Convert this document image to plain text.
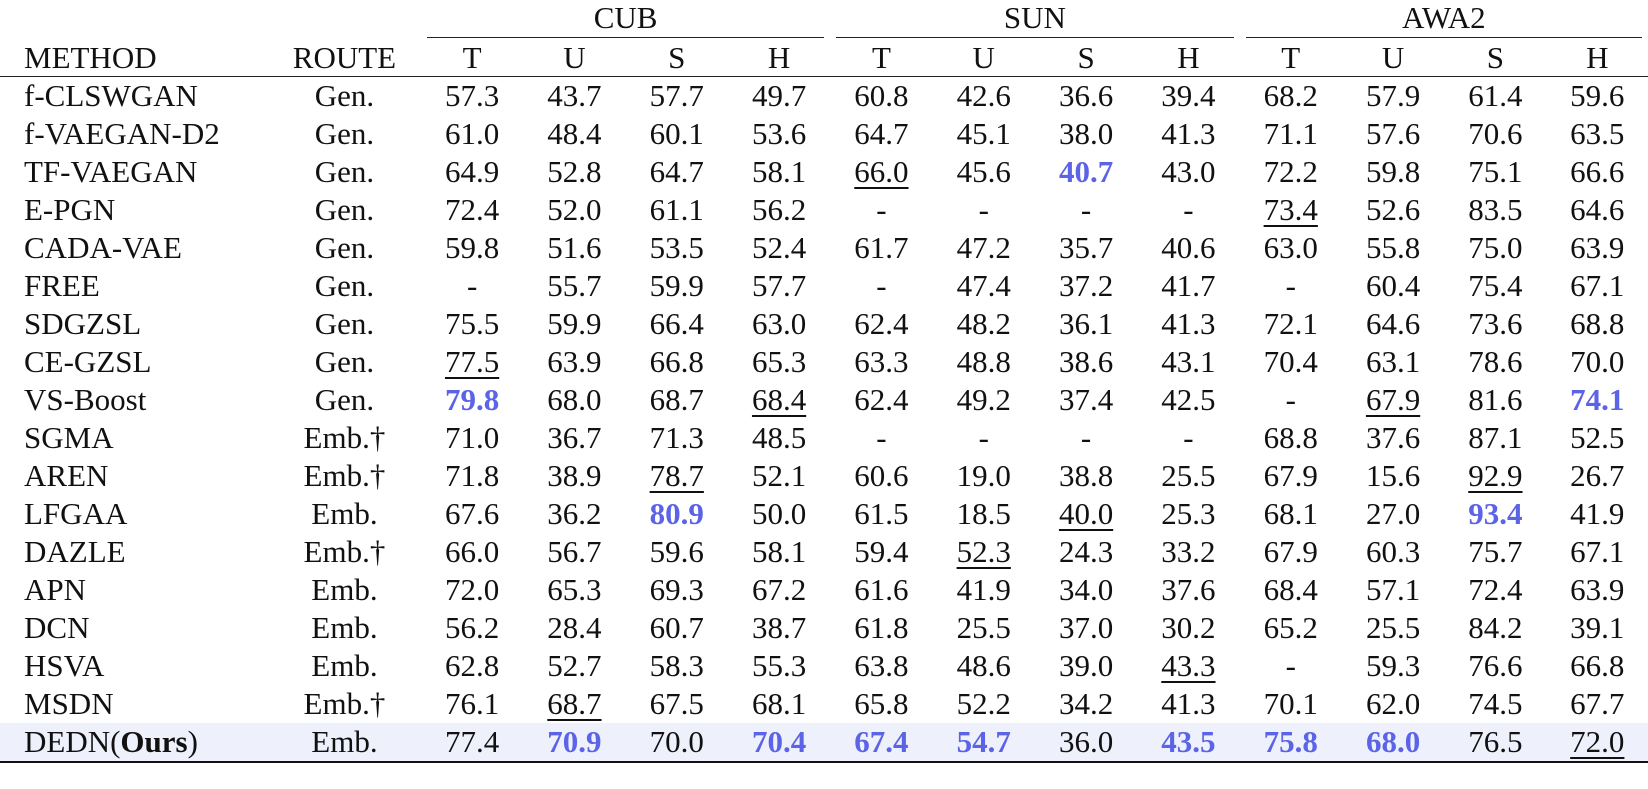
		CUB				SUN				AWA2			
METHOD	ROUTE	T	U	S	H	T	U	S	H	T	U	S	H
f-CLSWGAN	Gen.	57.3	43.7	57.7	49.7	60.8	42.6	36.6	39.4	68.2	57.9	61.4	59.6
f-VAEGAN-D2	Gen.	61.0	48.4	60.1	53.6	64.7	45.1	38.0	41.3	71.1	57.6	70.6	63.5
TF-VAEGAN	Gen.	64.9	52.8	64.7	58.1	66.0	45.6	40.7	43.0	72.2	59.8	75.1	66.6
E-PGN	Gen.	72.4	52.0	61.1	56.2	-	-	-	-	73.4	52.6	83.5	64.6
CADA-VAE	Gen.	59.8	51.6	53.5	52.4	61.7	47.2	35.7	40.6	63.0	55.8	75.0	63.9
FREE	Gen.	-	55.7	59.9	57.7	-	47.4	37.2	41.7	-	60.4	75.4	67.1
SDGZSL	Gen.	75.5	59.9	66.4	63.0	62.4	48.2	36.1	41.3	72.1	64.6	73.6	68.8
CE-GZSL	Gen.	77.5	63.9	66.8	65.3	63.3	48.8	38.6	43.1	70.4	63.1	78.6	70.0
VS-Boost	Gen.	79.8	68.0	68.7	68.4	62.4	49.2	37.4	42.5	-	67.9	81.6	74.1
SGMA	Emb.†	71.0	36.7	71.3	48.5	-	-	-	-	68.8	37.6	87.1	52.5
AREN	Emb.†	71.8	38.9	78.7	52.1	60.6	19.0	38.8	25.5	67.9	15.6	92.9	26.7
LFGAA	Emb.	67.6	36.2	80.9	50.0	61.5	18.5	40.0	25.3	68.1	27.0	93.4	41.9
DAZLE	Emb.†	66.0	56.7	59.6	58.1	59.4	52.3	24.3	33.2	67.9	60.3	75.7	67.1
APN	Emb.	72.0	65.3	69.3	67.2	61.6	41.9	34.0	37.6	68.4	57.1	72.4	63.9
DCN	Emb.	56.2	28.4	60.7	38.7	61.8	25.5	37.0	30.2	65.2	25.5	84.2	39.1
HSVA	Emb.	62.8	52.7	58.3	55.3	63.8	48.6	39.0	43.3	-	59.3	76.6	66.8
MSDN	Emb.†	76.1	68.7	67.5	68.1	65.8	52.2	34.2	41.3	70.1	62.0	74.5	67.7
DEDN(Ours)	Emb.	77.4	70.9	70.0	70.4	67.4	54.7	36.0	43.5	75.8	68.0	76.5	72.0
